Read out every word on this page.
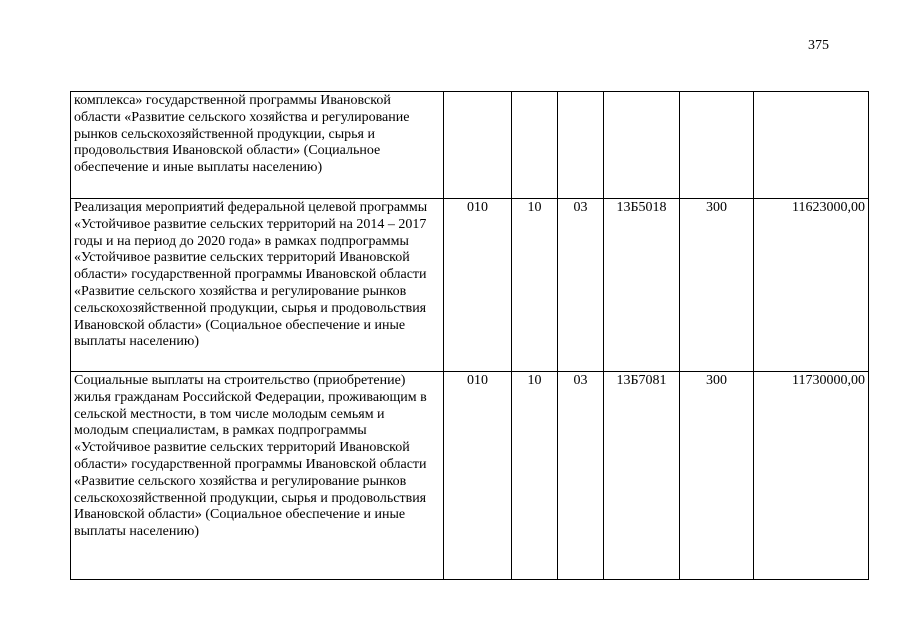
375
комплекса» государственной программы Ивановской области «Развитие сельского хозяйства и регулирование рынков сельскохозяйственной продукции, сырья и продовольствия Ивановской области» (Социальное обеспечение и иные выплаты населению)						
Реализация мероприятий федеральной целевой программы «Устойчивое развитие сельских территорий на 2014 – 2017 годы и на период до 2020 года» в рамках подпрограммы «Устойчивое развитие сельских территорий Ивановской области» государственной программы Ивановской области «Развитие сельского хозяйства и регулирование рынков сельскохозяйственной продукции, сырья и продовольствия Ивановской области» (Социальное обеспечение и иные выплаты населению)	010	10	03	13Б5018	300	11623000,00
Социальные выплаты на строительство (приобретение) жилья гражданам Российской Федерации, проживающим в сельской местности, в том числе молодым семьям и молодым специалистам, в рамках подпрограммы «Устойчивое развитие сельских территорий Ивановской области» государственной программы Ивановской области «Развитие сельского хозяйства и регулирование рынков сельскохозяйственной продукции, сырья и продовольствия Ивановской области» (Социальное обеспечение и иные выплаты населению)	010	10	03	13Б7081	300	11730000,00
